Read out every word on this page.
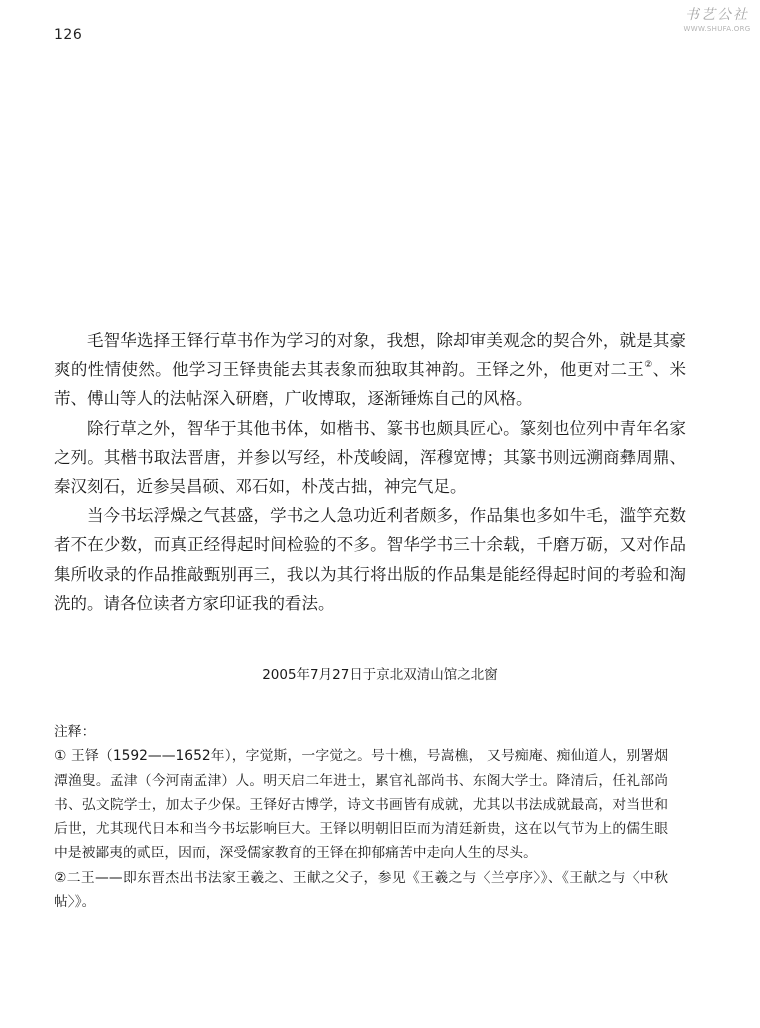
126
书艺公社
WWW.SHUFA.ORG

毛智华选择王铎行草书作为学习的对象，我想，除却审美观念的契合外，就是其豪爽的性情使然。他学习王铎贵能去其表象而独取其神韵。王铎之外，他更对二王②、米芾、傅山等人的法帖深入研磨，广收博取，逐渐锤炼自己的风格。

除行草之外，智华于其他书体，如楷书、篆书也颇具匠心。篆刻也位列中青年名家之列。其楷书取法晋唐，并参以写经，朴茂峻阔，浑穆宽博；其篆书则远溯商彝周鼎、秦汉刻石，近参吴昌硕、邓石如，朴茂古拙，神完气足。

当今书坛浮燥之气甚盛，学书之人急功近利者颇多，作品集也多如牛毛，滥竽充数者不在少数，而真正经得起时间检验的不多。智华学书三十余载，千磨万砺，又对作品集所收录的作品推敲甄别再三，我以为其行将出版的作品集是能经得起时间的考验和淘洗的。请各位读者方家印证我的看法。

2005年7月27日于京北双清山馆之北窗

注释：

① 王铎（1592——1652年），字觉斯，一字觉之。号十樵，号嵩樵， 又号痴庵、痴仙道人，别署烟潭渔叟。孟津（今河南孟津）人。明天启二年进士，累官礼部尚书、东阁大学士。降清后，任礼部尚书、弘文院学士，加太子少保。王铎好古博学，诗文书画皆有成就，尤其以书法成就最高，对当世和后世，尤其现代日本和当今书坛影响巨大。王铎以明朝旧臣而为清廷新贵，这在以气节为上的儒生眼中是被鄙夷的贰臣，因而，深受儒家教育的王铎在抑郁痛苦中走向人生的尽头。

②二王——即东晋杰出书法家王羲之、王献之父子，参见《王羲之与〈兰亭序〉》、《王献之与〈中秋帖〉》。
